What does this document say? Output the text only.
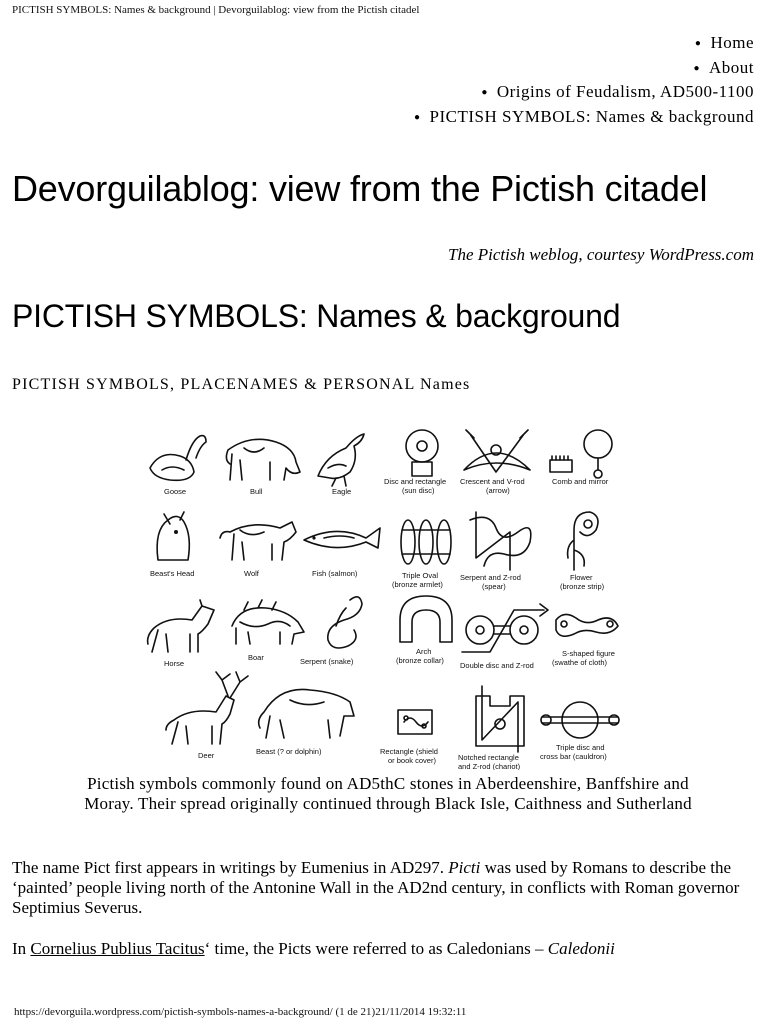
PICTISH SYMBOLS: Names & background | Devorguilablog: view from the Pictish citadel
● Home
● About
● Origins of Feudalism, AD500-1100
● PICTISH SYMBOLS: Names & background
Devorguilablog: view from the Pictish citadel
The Pictish weblog, courtesy WordPress.com
PICTISH SYMBOLS: Names & background
PICTISH SYMBOLS, PLACENAMES & PERSONAL Names
Goose	Bull	Eagle
Disc and rectangle
(sun disc)
Crescent and V-rod
(arrow)
Comb and mirror
Beast's Head	Wolf	Fish (salmon)	Triple Oval
(bronze armlet)
Serpent and Z-rod
(spear)
Flower
(bronze strip)
Horse
Boar	Serpent (snake)
Arch
(bronze collar)
Double disc and Z-rod
S-shaped figure
(swathe of cloth)
Deer	Beast (? or dolphin)	Rectangle (shield
or book cover)	Notched rectangle
and Z-rod (chariot)
Triple disc and
cross bar (cauldron)
Pictish symbols commonly found on AD5thC stones in Aberdeenshire, Banffshire and
Moray. Their spread originally continued through Black Isle, Caithness and Sutherland

The name Pict first appears in writings by Eumenius in AD297. Picti was used by Romans to describe the ‘painted’ people living north of the Antonine Wall in the AD2nd century, in conflicts with Roman governor Septimius Severus.

In Cornelius Publius Tacitus‘ time, the Picts were referred to as Caledonians – Caledonii

https://devorguila.wordpress.com/pictish-symbols-names-a-background/ (1 de 21)21/11/2014 19:32:11
